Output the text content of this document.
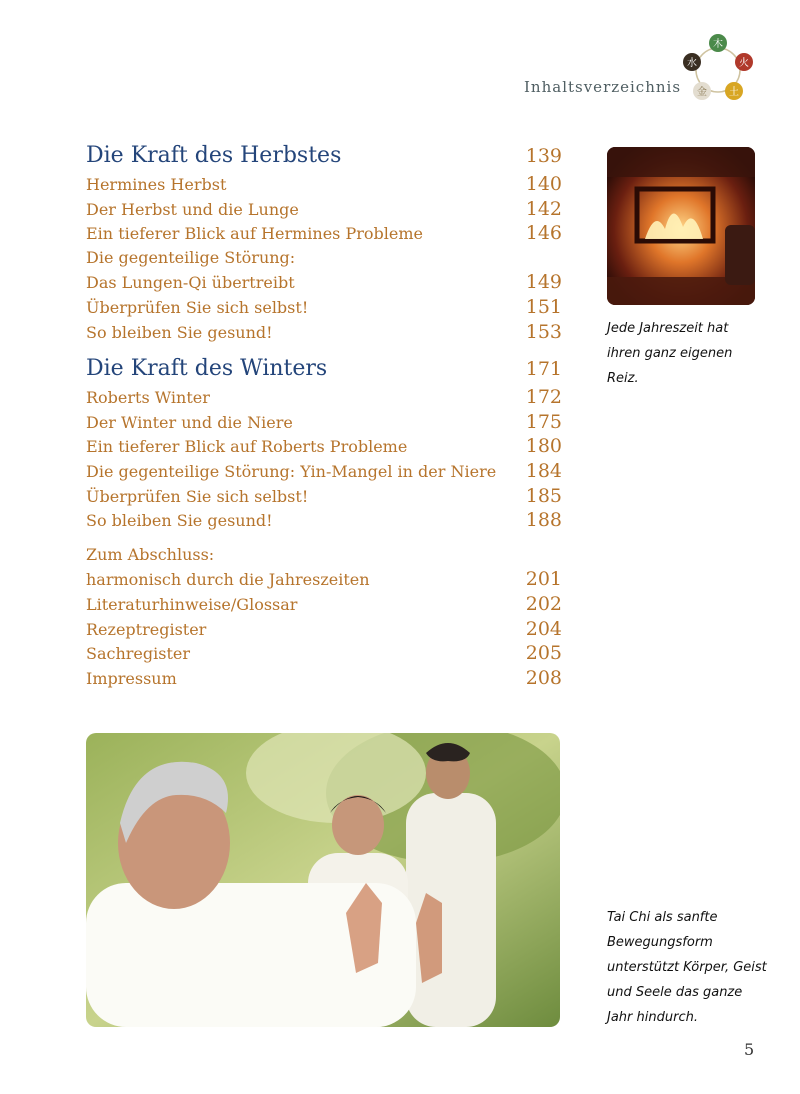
Inhaltsverzeichnis
木
火
土
金
水
Die Kraft des Herbstes	139
Hermines Herbst	140
Der Herbst und die Lunge	142
Ein tieferer Blick auf Hermines Probleme	146
Die gegenteilige Störung:
Das Lungen-Qi übertreibt	149
Überprüfen Sie sich selbst!	151
So bleiben Sie gesund!	153
Die Kraft des Winters	171
Roberts Winter	172
Der Winter und die Niere	175
Ein tieferer Blick auf Roberts Probleme	180
Die gegenteilige Störung: Yin-Mangel in der Niere 184
Überprüfen Sie sich selbst!	185
So bleiben Sie gesund!	188
Zum Abschluss:
harmonisch durch die Jahreszeiten	201
Literaturhinweise/Glossar	202
Rezeptregister	204
Sachregister	205
Impressum	208
Jede Jahreszeit hat ihren ganz eigenen Reiz.
Tai Chi als sanfte Bewegungsform unterstützt Körper, Geist und Seele das ganze Jahr hindurch.
5
